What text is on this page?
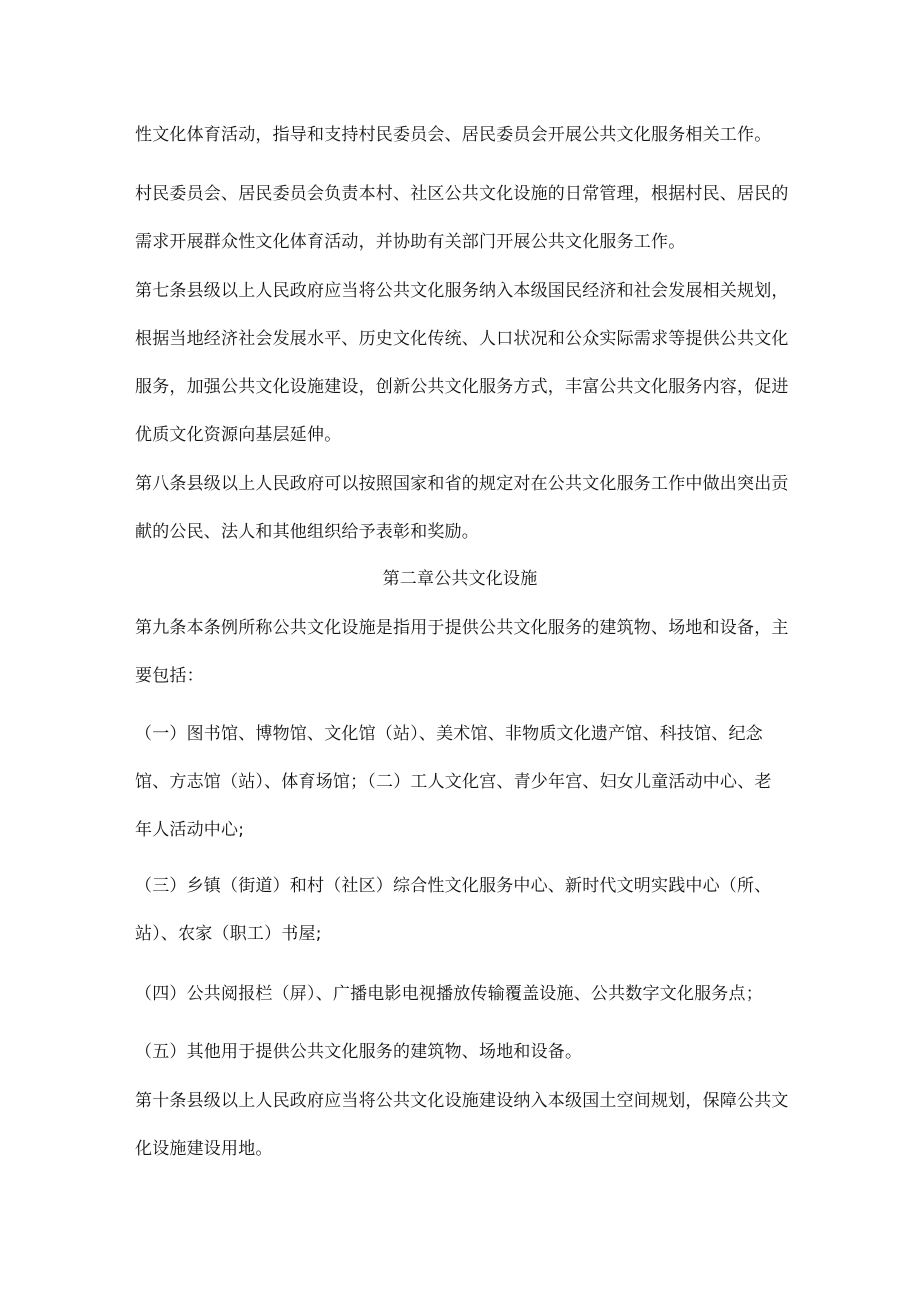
性文化体育活动，指导和支持村民委员会、居民委员会开展公共文化服务相关工作。
村民委员会、居民委员会负责本村、社区公共文化设施的日常管理，根据村民、居民的
需求开展群众性文化体育活动，并协助有关部门开展公共文化服务工作。
第七条县级以上人民政府应当将公共文化服务纳入本级国民经济和社会发展相关规划，
根据当地经济社会发展水平、历史文化传统、人口状况和公众实际需求等提供公共文化
服务，加强公共文化设施建设，创新公共文化服务方式，丰富公共文化服务内容，促进
优质文化资源向基层延伸。
第八条县级以上人民政府可以按照国家和省的规定对在公共文化服务工作中做出突出贡
献的公民、法人和其他组织给予表彰和奖励。
第二章公共文化设施
第九条本条例所称公共文化设施是指用于提供公共文化服务的建筑物、场地和设备，主
要包括：
（一）图书馆、博物馆、文化馆（站）、美术馆、非物质文化遗产馆、科技馆、纪念
馆、方志馆（站）、体育场馆；（二）工人文化宫、青少年宫、妇女儿童活动中心、老
年人活动中心;
（三）乡镇（街道）和村（社区）综合性文化服务中心、新时代文明实践中心（所、
站）、农家（职工）书屋;
（四）公共阅报栏（屏）、广播电影电视播放传输覆盖设施、公共数字文化服务点；
（五）其他用于提供公共文化服务的建筑物、场地和设备。
第十条县级以上人民政府应当将公共文化设施建设纳入本级国土空间规划，保障公共文
化设施建设用地。
